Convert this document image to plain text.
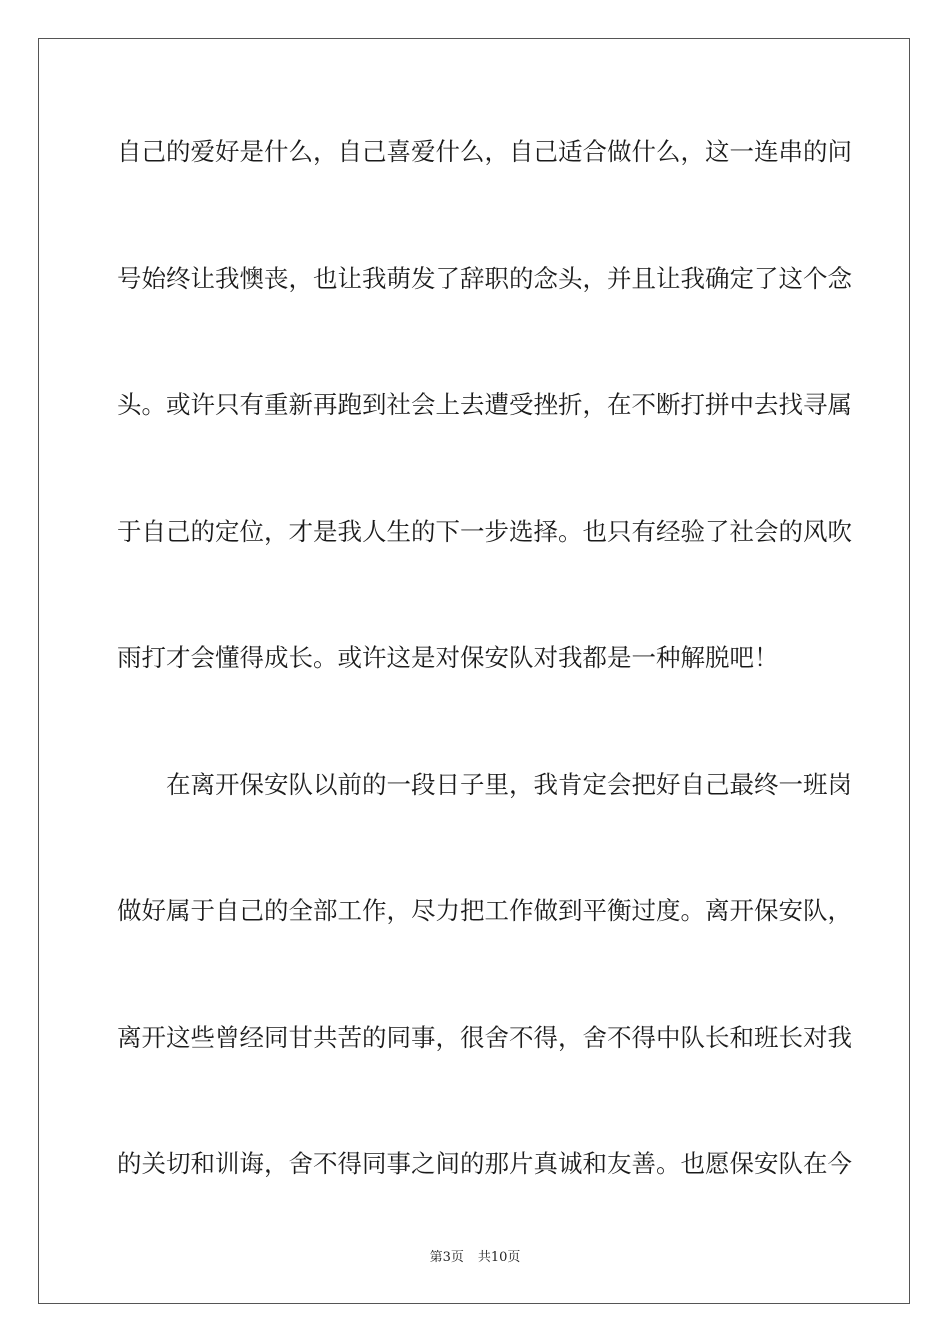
自己的爱好是什么，自己喜爱什么，自己适合做什么，这一连串的问
号始终让我懊丧，也让我萌发了辞职的念头，并且让我确定了这个念
头。或许只有重新再跑到社会上去遭受挫折，在不断打拼中去找寻属
于自己的定位，才是我人生的下一步选择。也只有经验了社会的风吹
雨打才会懂得成长。或许这是对保安队对我都是一种解脱吧！
在离开保安队以前的一段日子里，我肯定会把好自己最终一班岗
做好属于自己的全部工作，尽力把工作做到平衡过度。离开保安队，
离开这些曾经同甘共苦的同事，很舍不得，舍不得中队长和班长对我
的关切和训诲，舍不得同事之间的那片真诚和友善。也愿保安队在今
第3页 共10页
